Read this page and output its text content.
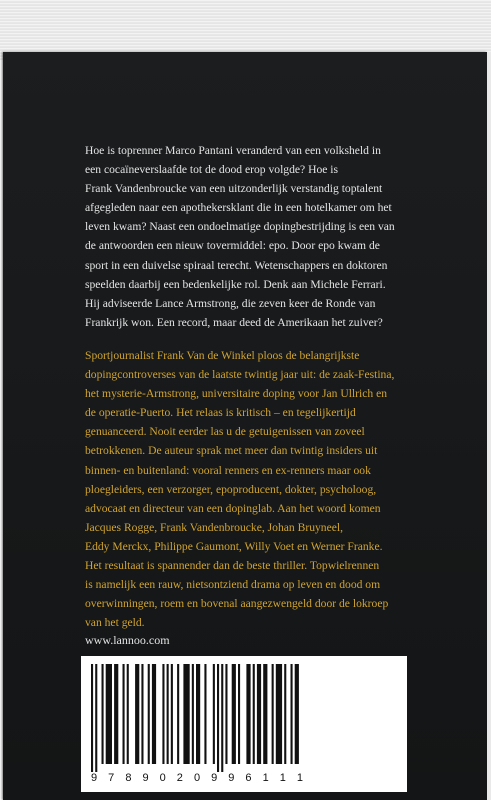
Hoe is toprenner Marco Pantani veranderd van een volksheld in
een cocaïneverslaafde tot de dood erop volgde? Hoe is
Frank Vandenbroucke van een uitzonderlijk verstandig toptalent
afgegleden naar een apothekersklant die in een hotelkamer om het
leven kwam? Naast een ondoelmatige dopingbestrijding is een van
de antwoorden een nieuw tovermiddel: epo. Door epo kwam de
sport in een duivelse spiraal terecht. Wetenschappers en doktoren
speelden daarbij een bedenkelijke rol. Denk aan Michele Ferrari.
Hij adviseerde Lance Armstrong, die zeven keer de Ronde van
Frankrijk won. Een record, maar deed de Amerikaan het zuiver?

Sportjournalist Frank Van de Winkel ploos de belangrijkste
dopingcontroverses van de laatste twintig jaar uit: de zaak-Festina,
het mysterie-Armstrong, universitaire doping voor Jan Ullrich en
de operatie-Puerto. Het relaas is kritisch – en tegelijkertijd
genuanceerd. Nooit eerder las u de getuigenissen van zoveel
betrokkenen. De auteur sprak met meer dan twintig insiders uit
binnen- en buitenland: vooral renners en ex-renners maar ook
ploegleiders, een verzorger, epoproducent, dokter, psycholoog,
advocaat en directeur van een dopinglab. Aan het woord komen
Jacques Rogge, Frank Vandenbroucke, Johan Bruyneel,
Eddy Merckx, Philippe Gaumont, Willy Voet en Werner Franke.
Het resultaat is spannender dan de beste thriller. Topwielrennen
is namelijk een rauw, nietsontziend drama op leven en dood om
overwinningen, roem en bovenal aangezwengeld door de lokroep
van het geld.

www.lannoo.com

9 7 8 9 0 2 0 9 9 6 1 1 1
